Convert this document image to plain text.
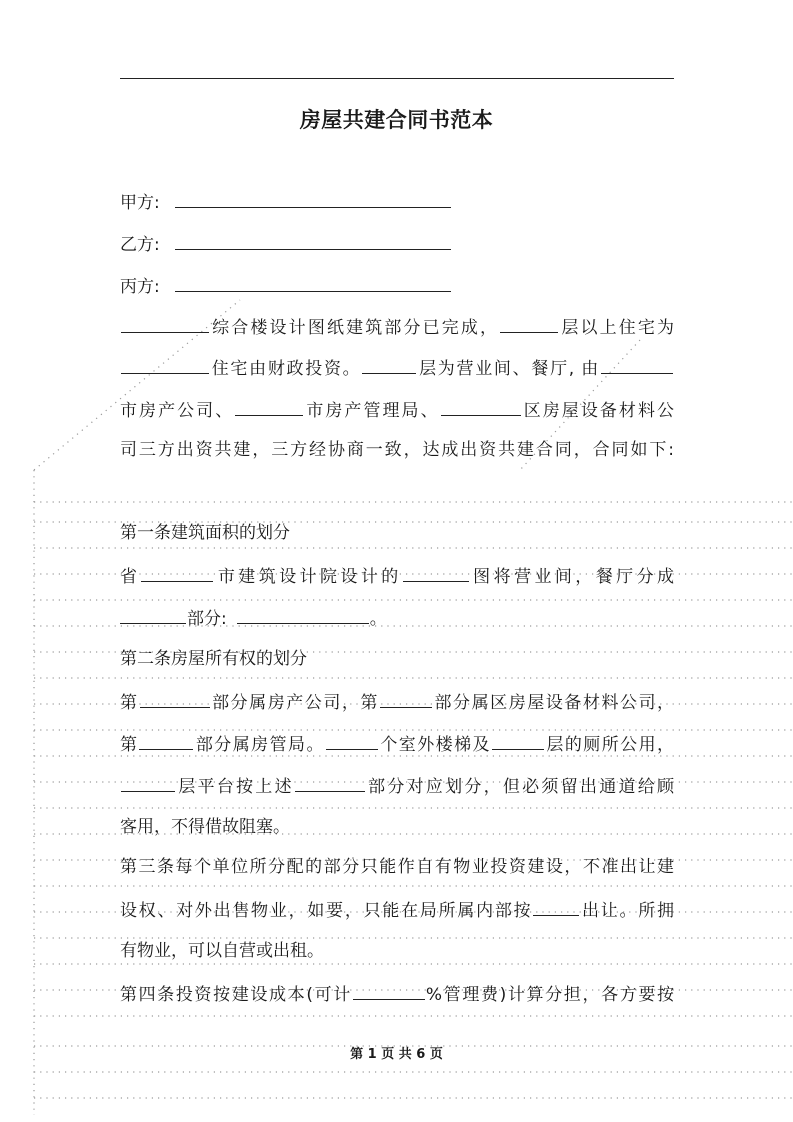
房屋共建合同书范本
甲方:
乙方:
丙方:
综合楼设计图纸建筑部分已完成，	层以上住宅为
住宅由财政投资。	层为营业间、餐厅, 由
市房产公司、	市房产管理局、	区房屋设备材料公
司三方出资共建，三方经协商一致，达成出资共建合同，合同如下:
第一条建筑面积的划分
省	市建筑设计院设计的	图将营业间，餐厅分成
部分:	。
第二条房屋所有权的划分
第	部分属房产公司，第	部分属区房屋设备材料公司，
第	部分属房管局。	个室外楼梯及	层的厕所公用，
层平台按上述	部分对应划分，但必须留出通道给顾
客用，不得借故阻塞。
第三条每个单位所分配的部分只能作自有物业投资建设，不准出让建
设权、对外出售物业，如要，只能在局所属内部按	出让。所拥
有物业，可以自营或出租。
第四条投资按建设成本(可计	%管理费)计算分担，各方要按
第 1 页 共 6 页
